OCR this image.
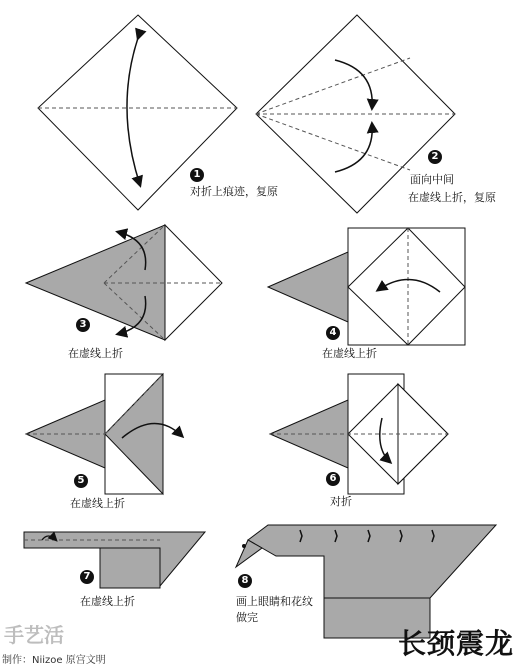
1
对折上痕迹，复原
2
面向中间
在虚线上折，复原
3
在虚线上折
4
在虚线上折
5
在虚线上折
6
对折
7
在虚线上折
8
画上眼睛和花纹
做完
手艺活
制作：Niizoe 原宫文明
长颈震龙
